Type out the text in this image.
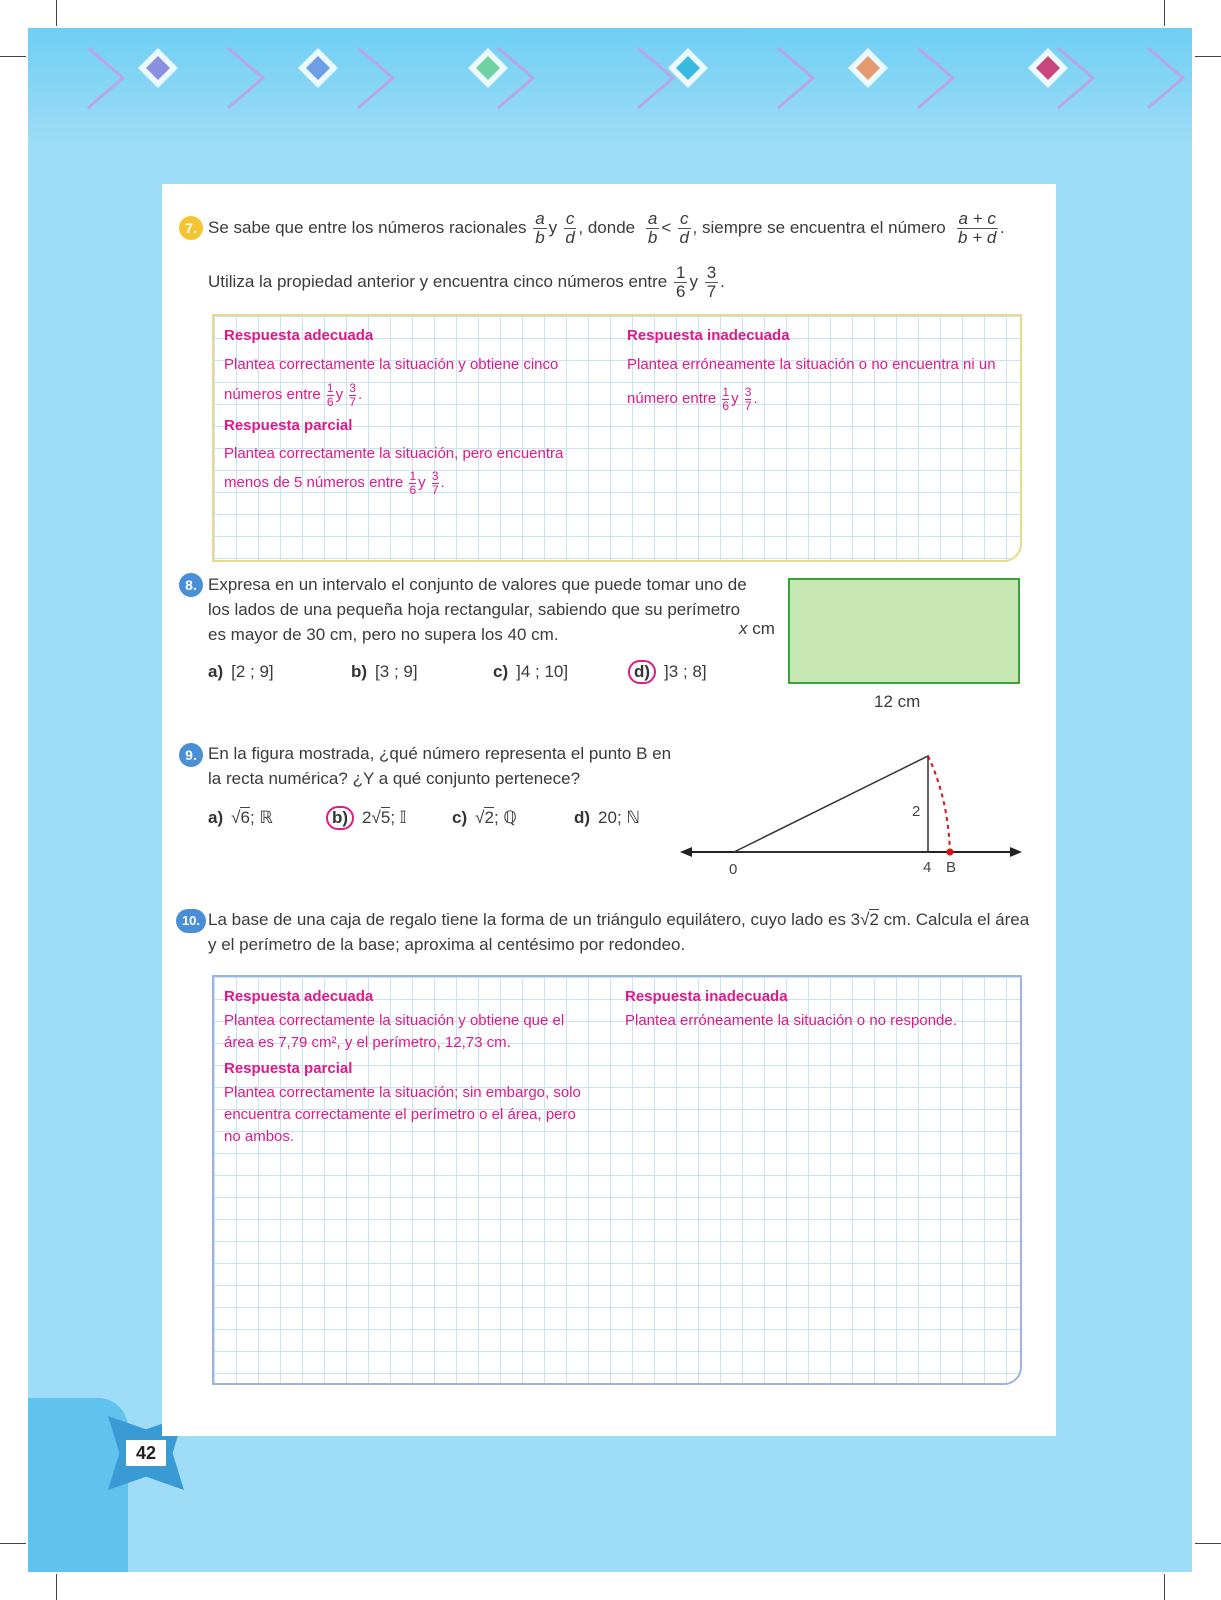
42
7. Se sabe que entre los números racionales $\frac{a}{b}$ y $\frac{c}{d}$ , donde $\frac{a}{b} < \frac{c}{d}$ , siempre se encuentra el número $\frac{a + c}{b + d}$ .
Utiliza la propiedad anterior y encuentra cinco números entre $\frac{1}{6}$ y $\frac{3}{7}$ .
Respuesta adecuada
Plantea correctamente la situación y obtiene cinco
números entre $\frac{1}{6}$ y $\frac{3}{7}$ .
Respuesta parcial
Plantea correctamente la situación, pero encuentra
menos de 5 números entre $\frac{1}{6}$ y $\frac{3}{7}$ .
Respuesta inadecuada
Plantea erróneamente la situación o no encuentra ni un
número entre $\frac{1}{6}$ y $\frac{3}{7}$ .
8. Expresa en un intervalo el conjunto de valores que puede tomar uno de
los lados de una pequeña hoja rectangular, sabiendo que su perímetro
es mayor de 30 cm, pero no supera los 40 cm.	x cm
12 cm
a) [2 ; 9]	b) [3 ; 9]	c) ]4 ; 10]	d) ]3 ; 8]
9. En la figura mostrada, ¿qué número representa el punto B en
la recta numérica? ¿Y a qué conjunto pertenece?
a) √6; ℝ	b) 2√5; 𝕀	c) √2; ℚ	d) 20; ℕ
0	4 B
2
10. La base de una caja de regalo tiene la forma de un triángulo equilátero, cuyo lado es 3√2 cm. Calcula el área
y el perímetro de la base; aproxima al centésimo por redondeo.
Respuesta adecuada
Plantea correctamente la situación y obtiene que el
área es 7,79 cm², y el perímetro, 12,73 cm.
Respuesta parcial
Plantea correctamente la situación; sin embargo, solo
encuentra correctamente el perímetro o el área, pero
no ambos.
Respuesta inadecuada
Plantea erróneamente la situación o no responde.
